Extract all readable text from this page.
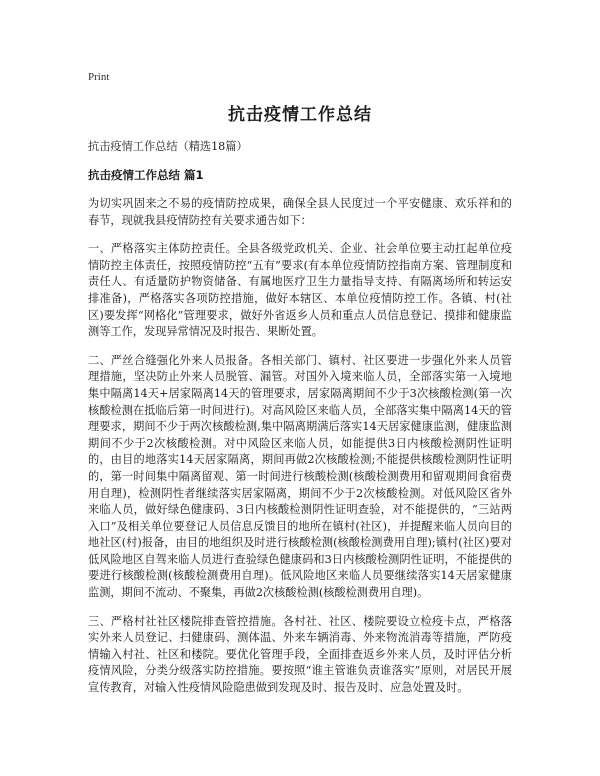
Print
抗击疫情工作总结
抗击疫情工作总结（精选18篇）
抗击疫情工作总结 篇1

为切实巩固来之不易的疫情防控成果，确保全县人民度过一个平安健康、欢乐祥和的春节，现就我县疫情防控有关要求通告如下：

一、严格落实主体防控责任。全县各级党政机关、企业、社会单位要主动扛起单位疫情防控主体责任，按照疫情防控“五有”要求(有本单位疫情防控指南方案、管理制度和责任人、有适量防护物资储备、有属地医疗卫生力量指导支持、有隔离场所和转运安排准备)，严格落实各项防控措施，做好本辖区、本单位疫情防控工作。各镇、村(社区)要发挥“网格化”管理要求，做好外省返乡人员和重点人员信息登记、摸排和健康监测等工作，发现异常情况及时报告、果断处置。

二、严丝合缝强化外来人员报备。各相关部门、镇村、社区要进一步强化外来人员管理措施，坚决防止外来人员脱管、漏管。对国外入境来临人员，全部落实第一入境地集中隔离14天+居家隔离14天的管理要求，居家隔离期间不少于3次核酸检测(第一次核酸检测在抵临后第一时间进行)。对高风险区来临人员，全部落实集中隔离14天的管理要求，期间不少于两次核酸检测,集中隔离期满后落实14天居家健康监测，健康监测期间不少于2次核酸检测。对中风险区来临人员，如能提供3日内核酸检测阴性证明的，由目的地落实14天居家隔离，期间再做2次核酸检测;不能提供核酸检测阴性证明的，第一时间集中隔离留观、第一时间进行核酸检测(核酸检测费用和留观期间食宿费用自理)，检测阴性者继续落实居家隔离，期间不少于2次核酸检测。对低风险区省外来临人员，做好绿色健康码、3日内核酸检测阴性证明查验，对不能提供的，“三站两入口”及相关单位要登记人员信息反馈目的地所在镇村(社区)，并提醒来临人员向目的地社区(村)报备，由目的地组织及时进行核酸检测(核酸检测费用自理);镇村(社区)要对低风险地区自驾来临人员进行查验绿色健康码和3日内核酸检测阴性证明，不能提供的要进行核酸检测(核酸检测费用自理)。低风险地区来临人员要继续落实14天居家健康监测，期间不流动、不聚集，再做2次核酸检测(核酸检测费用自理)。

三、严格村社社区楼院排查管控措施。各村社、社区、楼院要设立检疫卡点，严格落实外来人员登记、扫健康码、测体温、外来车辆消毒、外来物流消毒等措施，严防疫情输入村社、社区和楼院。要优化管理手段，全面排查返乡外来人员，及时评估分析疫情风险，分类分级落实防控措施。要按照“谁主管谁负责谁落实”原则，对居民开展宣传教育，对输入性疫情风险隐患做到发现及时、报告及时、应急处置及时。
